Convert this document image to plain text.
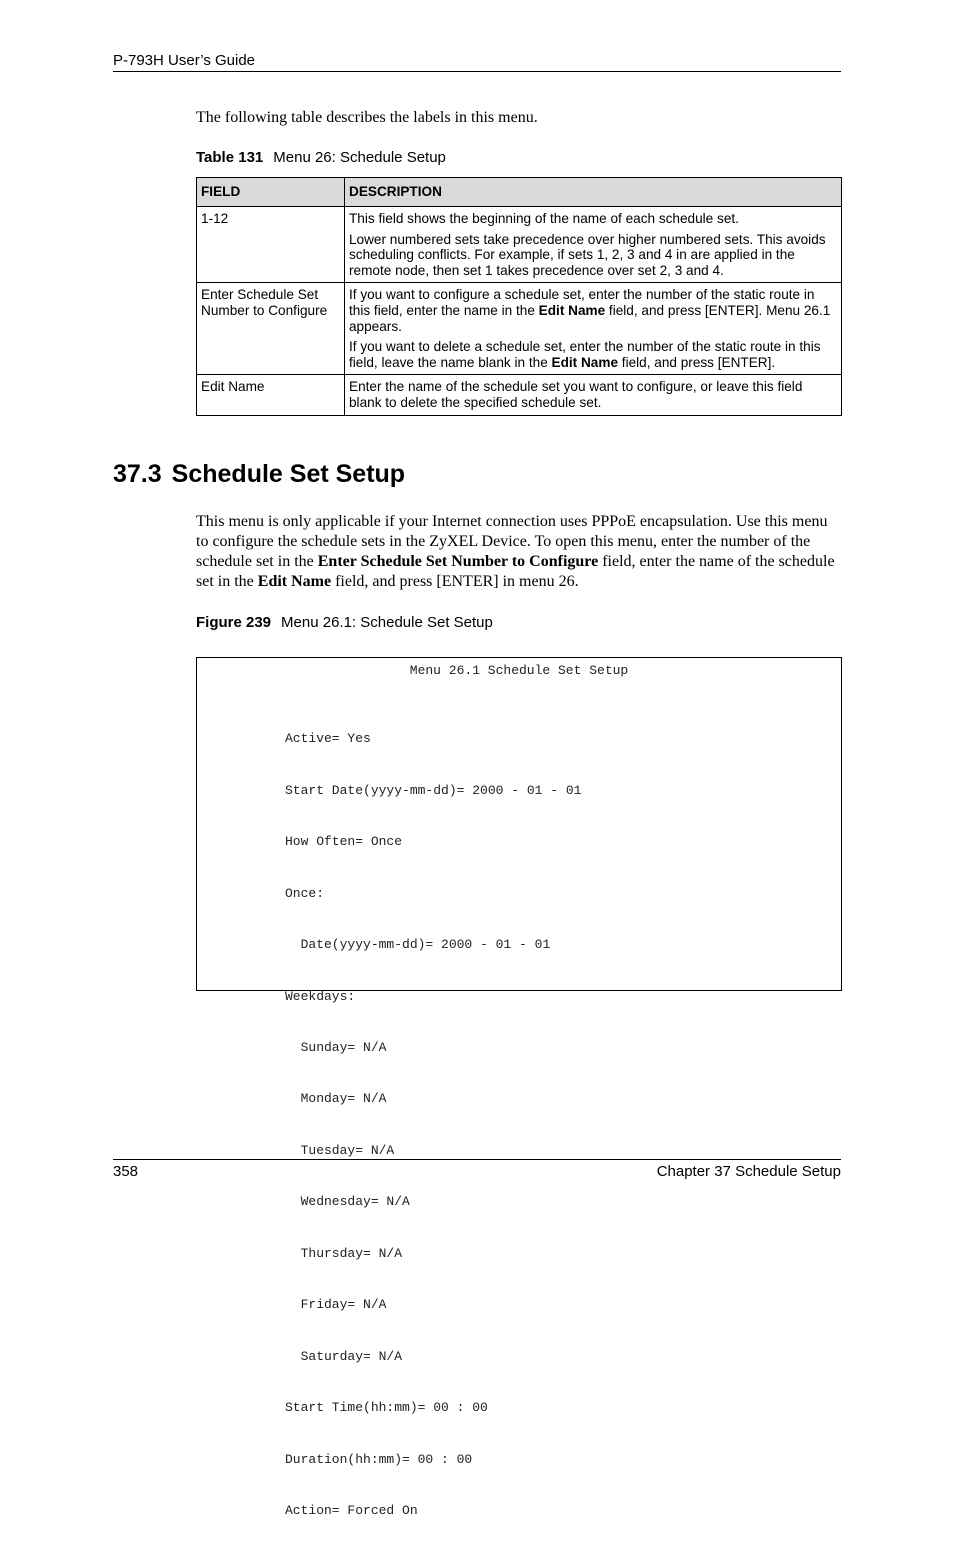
P-793H User’s Guide
The following table describes the labels in this menu.
Table 131 Menu 26: Schedule Setup
FIELD	DESCRIPTION
1-12	This field shows the beginning of the name of each schedule set.

Lower numbered sets take precedence over higher numbered sets. This avoids scheduling conflicts. For example, if sets 1, 2, 3 and 4 in are applied in the remote node, then set 1 takes precedence over set 2, 3 and 4.

Enter Schedule Set Number to Configure	If you want to configure a schedule set, enter the number of the static route in this field, enter the name in the Edit Name field, and press [ENTER]. Menu 26.1 appears.

If you want to delete a schedule set, enter the number of the static route in this field, leave the name blank in the Edit Name field, and press [ENTER].

Edit Name	Enter the name of the schedule set you want to configure, or leave this field blank to delete the specified schedule set.

37.3 Schedule Set Setup
This menu is only applicable if your Internet connection uses PPPoE encapsulation. Use this menu to configure the schedule sets in the ZyXEL Device. To open this menu, enter the number of the schedule set in the Enter Schedule Set Number to Configure field, enter the name of the schedule set in the Edit Name field, and press [ENTER] in menu 26.
Figure 239 Menu 26.1: Schedule Set Setup
Menu 26.1 Schedule Set Setup

Active= Yes

Start Date(yyyy-mm-dd)= 2000 - 01 - 01

How Often= Once

Once:

Date(yyyy-mm-dd)= 2000 - 01 - 01

Weekdays:

Sunday= N/A

Monday= N/A

Tuesday= N/A

Wednesday= N/A

Thursday= N/A

Friday= N/A

Saturday= N/A

Start Time(hh:mm)= 00 : 00

Duration(hh:mm)= 00 : 00

Action= Forced On

358	Chapter 37 Schedule Setup
